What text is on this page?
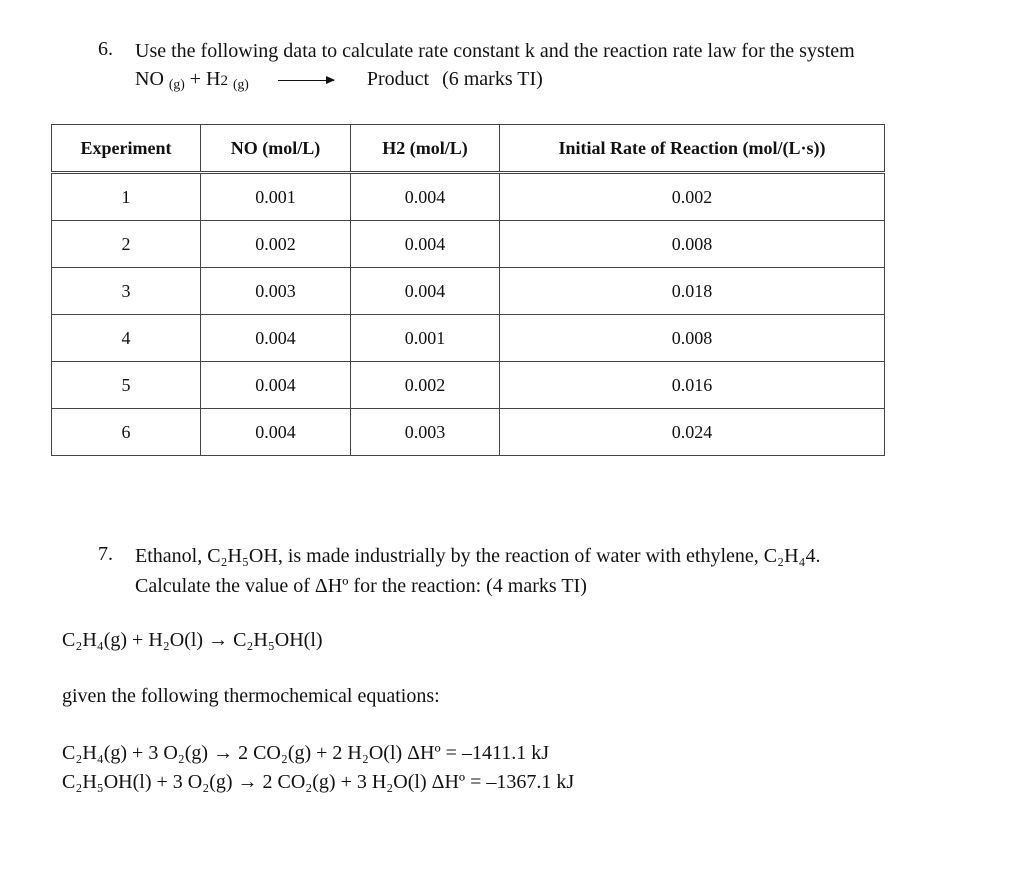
6. Use the following data to calculate rate constant k and the reaction rate law for the system
NO $_{(g)}$ + H2 $_{(g)}$ → Product (6 marks TI)
Experiment	NO (mol/L)	H2 (mol/L)	Initial Rate of Reaction (mol/(L·s))
1	0.001	0.004	0.002
2	0.002	0.004	0.008
3	0.003	0.004	0.018
4	0.004	0.001	0.008
5	0.004	0.002	0.016
6	0.004	0.003	0.024
7. Ethanol, C₂H₅OH, is made industrially by the reaction of water with ethylene, C₂H₄4.
Calculate the value of ΔHº for the reaction: (4 marks TI)
C₂H₄(g) + H₂O(l) → C₂H₅OH(l)
given the following thermochemical equations:
C₂H₄(g) + 3 O₂(g) → 2 CO₂(g) + 2 H₂O(l) ΔHº = –1411.1 kJ
C₂H₅OH(l) + 3 O₂(g) → 2 CO₂(g) + 3 H₂O(l) ΔHº = –1367.1 kJ
